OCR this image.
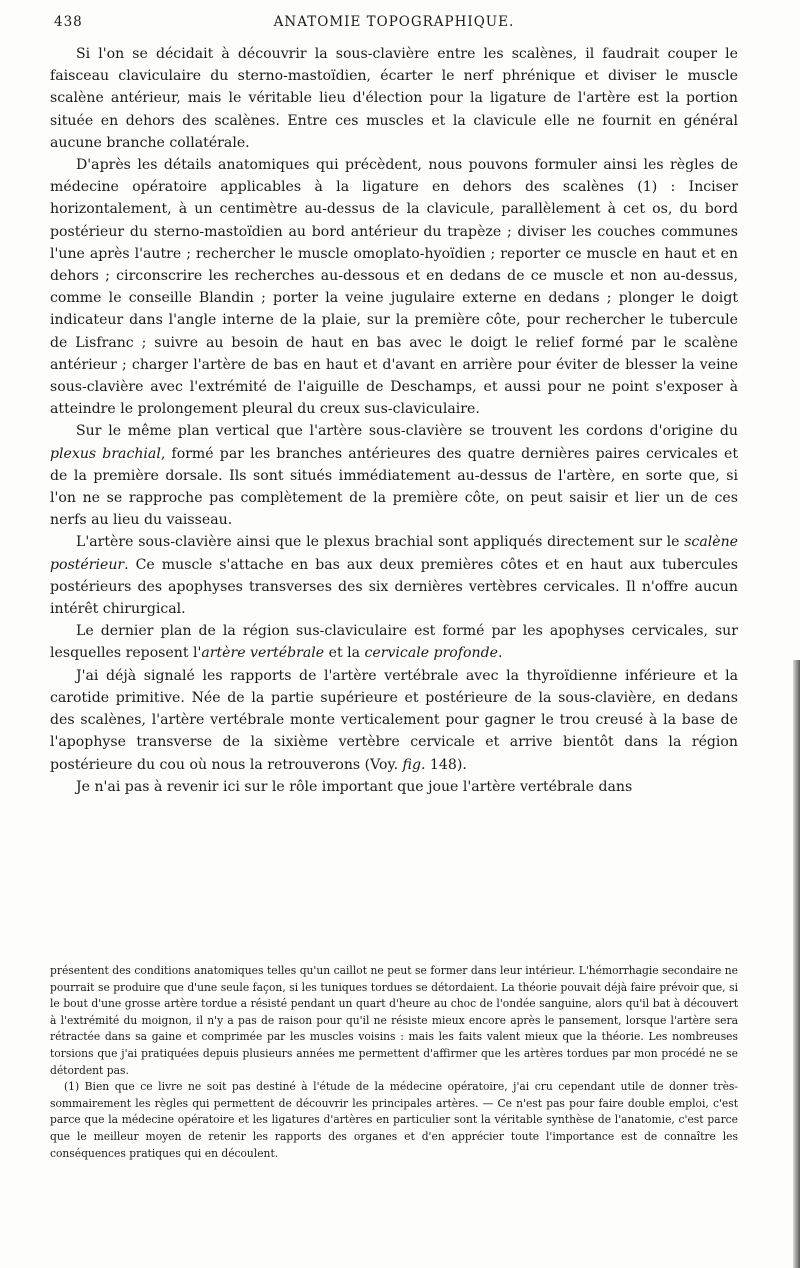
438	ANATOMIE TOPOGRAPHIQUE.

Si l'on se décidait à découvrir la sous-clavière entre les scalènes, il faudrait couper le faisceau claviculaire du sterno-mastoïdien, écarter le nerf phrénique et diviser le muscle scalène antérieur, mais le véritable lieu d'élection pour la ligature de l'artère est la portion située en dehors des scalènes. Entre ces muscles et la clavicule elle ne fournit en général aucune branche collatérale.

D'après les détails anatomiques qui précèdent, nous pouvons formuler ainsi les règles de médecine opératoire applicables à la ligature en dehors des scalènes (1) : Inciser horizontalement, à un centimètre au-dessus de la clavicule, parallèlement à cet os, du bord postérieur du sterno-mastoïdien au bord antérieur du trapèze ; diviser les couches communes l'une après l'autre ; rechercher le muscle omoplato-hyoïdien ; reporter ce muscle en haut et en dehors ; circonscrire les recherches au-dessous et en dedans de ce muscle et non au-dessus, comme le conseille Blandin ; porter la veine jugulaire externe en dedans ; plonger le doigt indicateur dans l'angle interne de la plaie, sur la première côte, pour rechercher le tubercule de Lisfranc ; suivre au besoin de haut en bas avec le doigt le relief formé par le scalène antérieur ; charger l'artère de bas en haut et d'avant en arrière pour éviter de blesser la veine sous-clavière avec l'extrémité de l'aiguille de Deschamps, et aussi pour ne point s'exposer à atteindre le prolongement pleural du creux sus-claviculaire.

Sur le même plan vertical que l'artère sous-clavière se trouvent les cordons d'origine du plexus brachial, formé par les branches antérieures des quatre dernières paires cervicales et de la première dorsale. Ils sont situés immédiatement au-dessus de l'artère, en sorte que, si l'on ne se rapproche pas complètement de la première côte, on peut saisir et lier un de ces nerfs au lieu du vaisseau.

L'artère sous-clavière ainsi que le plexus brachial sont appliqués directement sur le scalène postérieur. Ce muscle s'attache en bas aux deux premières côtes et en haut aux tubercules postérieurs des apophyses transverses des six dernières vertèbres cervicales. Il n'offre aucun intérêt chirurgical.

Le dernier plan de la région sus-claviculaire est formé par les apophyses cervicales, sur lesquelles reposent l'artère vertébrale et la cervicale profonde.

J'ai déjà signalé les rapports de l'artère vertébrale avec la thyroïdienne inférieure et la carotide primitive. Née de la partie supérieure et postérieure de la sous-clavière, en dedans des scalènes, l'artère vertébrale monte verticalement pour gagner le trou creusé à la base de l'apophyse transverse de la sixième vertèbre cervicale et arrive bientôt dans la région postérieure du cou où nous la retrouverons (Voy. fig. 148).

Je n'ai pas à revenir ici sur le rôle important que joue l'artère vertébrale dans

présentent des conditions anatomiques telles qu'un caillot ne peut se former dans leur intérieur. L'hémorrhagie secondaire ne pourrait se produire que d'une seule façon, si les tuniques tordues se détordaient. La théorie pouvait déjà faire prévoir que, si le bout d'une grosse artère tordue a résisté pendant un quart d'heure au choc de l'ondée sanguine, alors qu'il bat à découvert à l'extrémité du moignon, il n'y a pas de raison pour qu'il ne résiste mieux encore après le pansement, lorsque l'artère sera rétractée dans sa gaine et comprimée par les muscles voisins : mais les faits valent mieux que la théorie. Les nombreuses torsions que j'ai pratiquées depuis plusieurs années me permettent d'affirmer que les artères tordues par mon procédé ne se détordent pas.

(1) Bien que ce livre ne soit pas destiné à l'étude de la médecine opératoire, j'ai cru cependant utile de donner très-sommairement les règles qui permettent de découvrir les principales artères. — Ce n'est pas pour faire double emploi, c'est parce que la médecine opératoire et les ligatures d'artères en particulier sont la véritable synthèse de l'anatomie, c'est parce que le meilleur moyen de retenir les rapports des organes et d'en apprécier toute l'importance est de connaître les conséquences pratiques qui en découlent.
